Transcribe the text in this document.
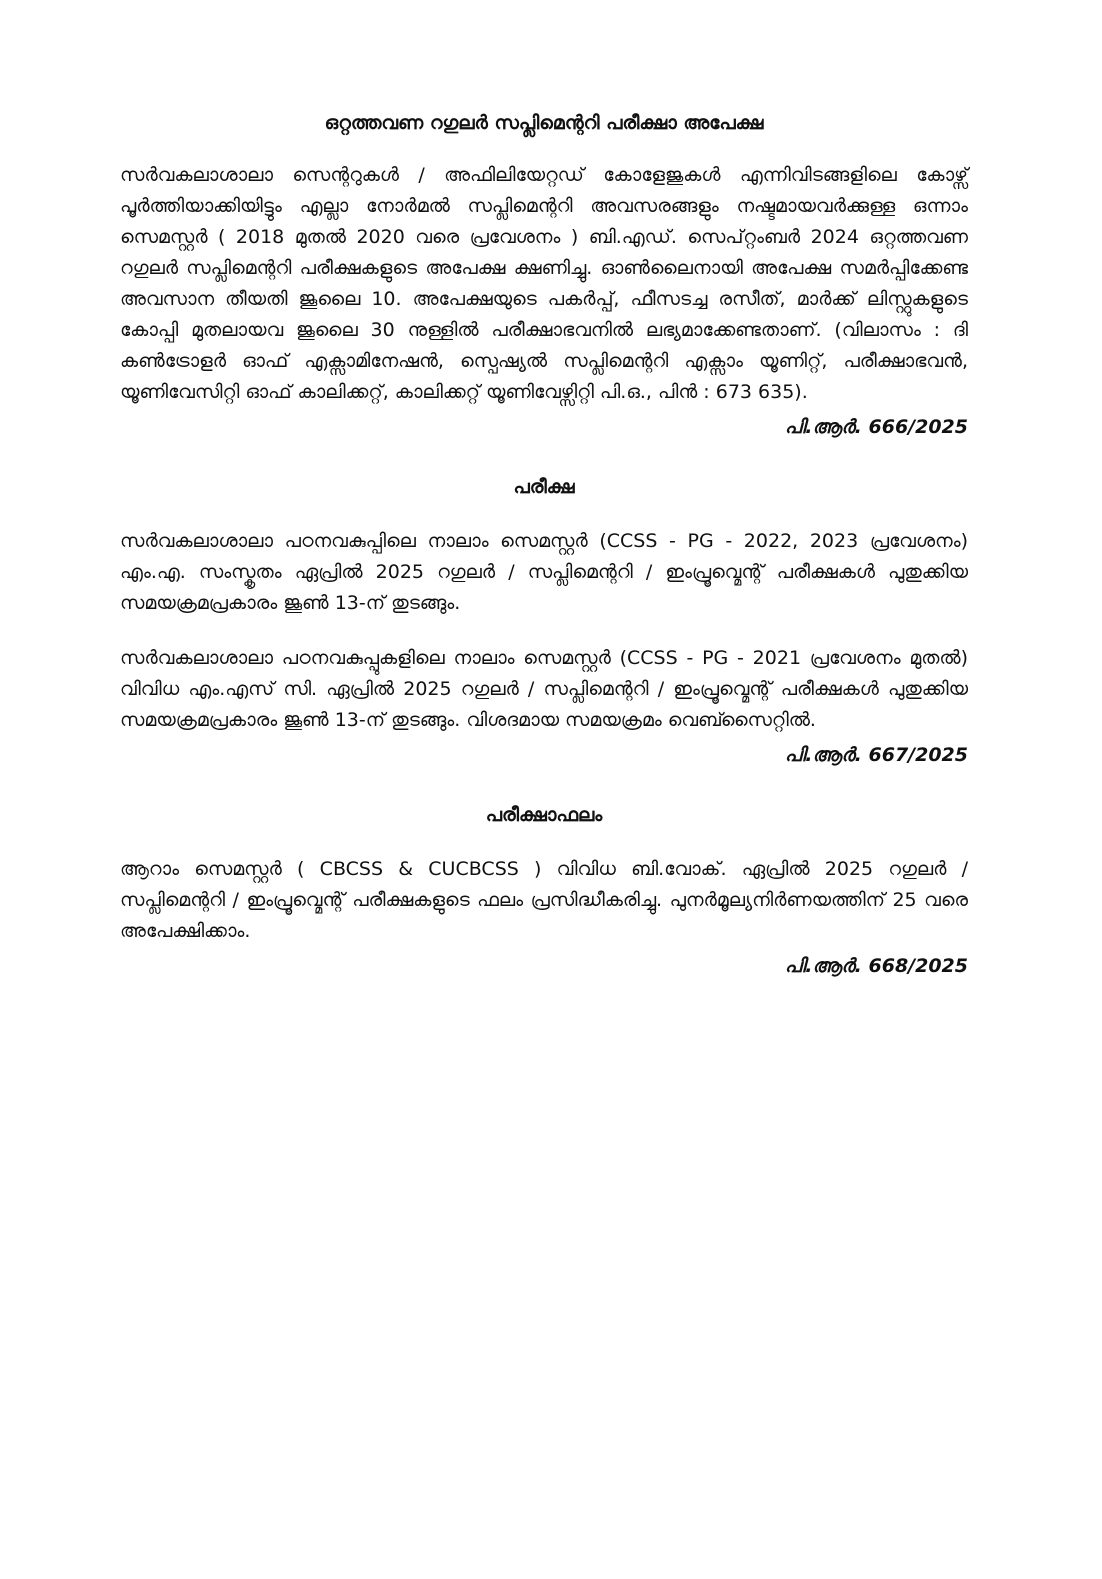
ഒറ്റത്തവണ റഗുലർ സപ്ലിമെന്ററി പരീക്ഷാ അപേക്ഷ

സർവകലാശാലാ സെന്ററുകൾ / അഫിലിയേറ്റഡ് കോളേജുകൾ എന്നിവിടങ്ങളിലെ കോഴ്സ് പൂർത്തിയാക്കിയിട്ടും എല്ലാ നോർമൽ സപ്ലിമെന്ററി അവസരങ്ങളും നഷ്ടമായവർക്കുള്ള ഒന്നാം സെമസ്റ്റർ ( 2018 മുതൽ 2020 വരെ പ്രവേശനം ) ബി.എഡ്. സെപ്റ്റംബർ 2024 ഒറ്റത്തവണ റഗുലർ സപ്ലിമെന്ററി പരീക്ഷകളുടെ അപേക്ഷ ക്ഷണിച്ചു. ഓൺലൈനായി അപേക്ഷ സമർപ്പിക്കേണ്ട അവസാന തീയതി ജൂലൈ 10. അപേക്ഷയുടെ പകർപ്പ്, ഫീസടച്ച രസീത്, മാർക്ക് ലിസ്റ്റുകളുടെ കോപ്പി മുതലായവ ജൂലൈ 30 നുള്ളിൽ പരീക്ഷാഭവനിൽ ലഭ്യമാക്കേണ്ടതാണ്. (വിലാസം : ദി കൺട്രോളർ ഓഫ് എക്സാമിനേഷൻ, സ്പെഷ്യൽ സപ്ലിമെന്ററി എക്സാം യൂണിറ്റ്, പരീക്ഷാഭവൻ, യൂണിവേസിറ്റി ഓഫ് കാലിക്കറ്റ്, കാലിക്കറ്റ് യൂണിവേഴ്സിറ്റി പി.ഒ., പിൻ : 673 635).

പി.ആർ. 666/2025

പരീക്ഷ

സർവകലാശാലാ പഠനവകുപ്പിലെ നാലാം സെമസ്റ്റർ (CCSS - PG - 2022, 2023 പ്രവേശനം) എം.എ. സംസ്കൃതം ഏപ്രിൽ 2025 റഗുലർ / സപ്ലിമെന്ററി / ഇംപ്രൂവ്മെന്റ് പരീക്ഷകൾ പുതുക്കിയ സമയക്രമപ്രകാരം ജൂൺ 13-ന് തുടങ്ങും.

സർവകലാശാലാ പഠനവകുപ്പുകളിലെ നാലാം സെമസ്റ്റർ (CCSS - PG - 2021 പ്രവേശനം മുതൽ) വിവിധ എം.എസ് സി. ഏപ്രിൽ 2025 റഗുലർ / സപ്ലിമെന്ററി / ഇംപ്രൂവ്മെന്റ് പരീക്ഷകൾ പുതുക്കിയ സമയക്രമപ്രകാരം ജൂൺ 13-ന് തുടങ്ങും. വിശദമായ സമയക്രമം വെബ്സൈറ്റിൽ.

പി.ആർ. 667/2025

പരീക്ഷാഫലം

ആറാം സെമസ്റ്റർ ( CBCSS & CUCBCSS ) വിവിധ ബി.വോക്. ഏപ്രിൽ 2025 റഗുലർ / സപ്ലിമെന്ററി / ഇംപ്രൂവ്മെന്റ് പരീക്ഷകളുടെ ഫലം പ്രസിദ്ധീകരിച്ചു. പുനർമൂല്യനിർണയത്തിന് 25 വരെ അപേക്ഷിക്കാം.

പി.ആർ. 668/2025
